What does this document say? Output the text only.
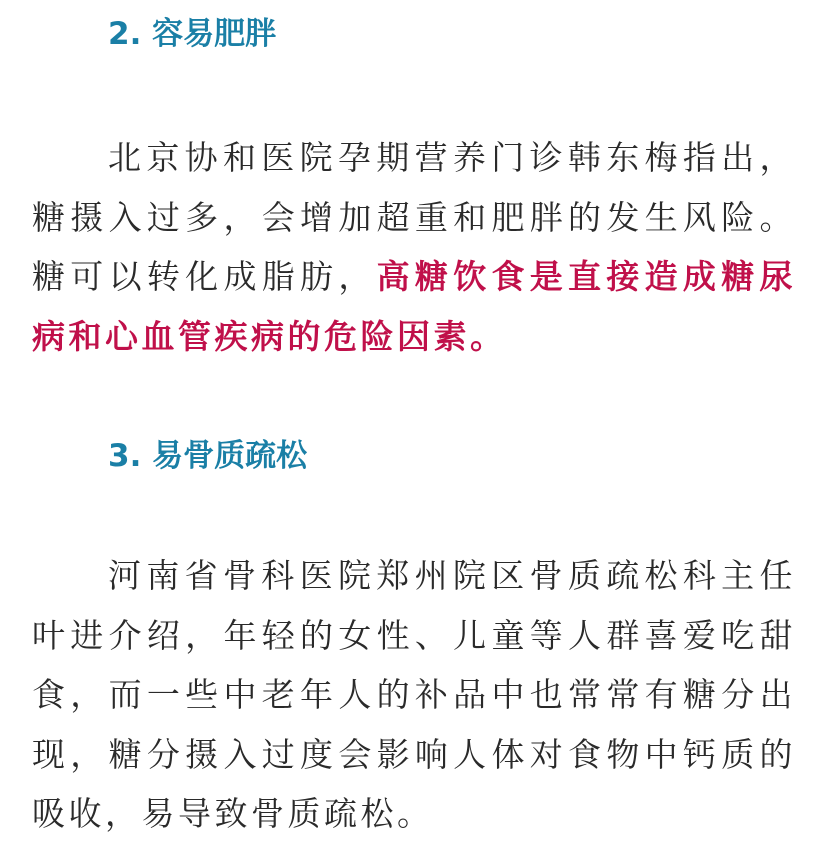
2. 容易肥胖

北京协和医院孕期营养门诊韩东梅指出，糖摄入过多，会增加超重和肥胖的发生风险。糖可以转化成脂肪，高糖饮食是直接造成糖尿病和心血管疾病的危险因素。

3. 易骨质疏松

河南省骨科医院郑州院区骨质疏松科主任叶进介绍，年轻的女性、儿童等人群喜爱吃甜食，而一些中老年人的补品中也常常有糖分出现，糖分摄入过度会影响人体对食物中钙质的吸收，易导致骨质疏松。
